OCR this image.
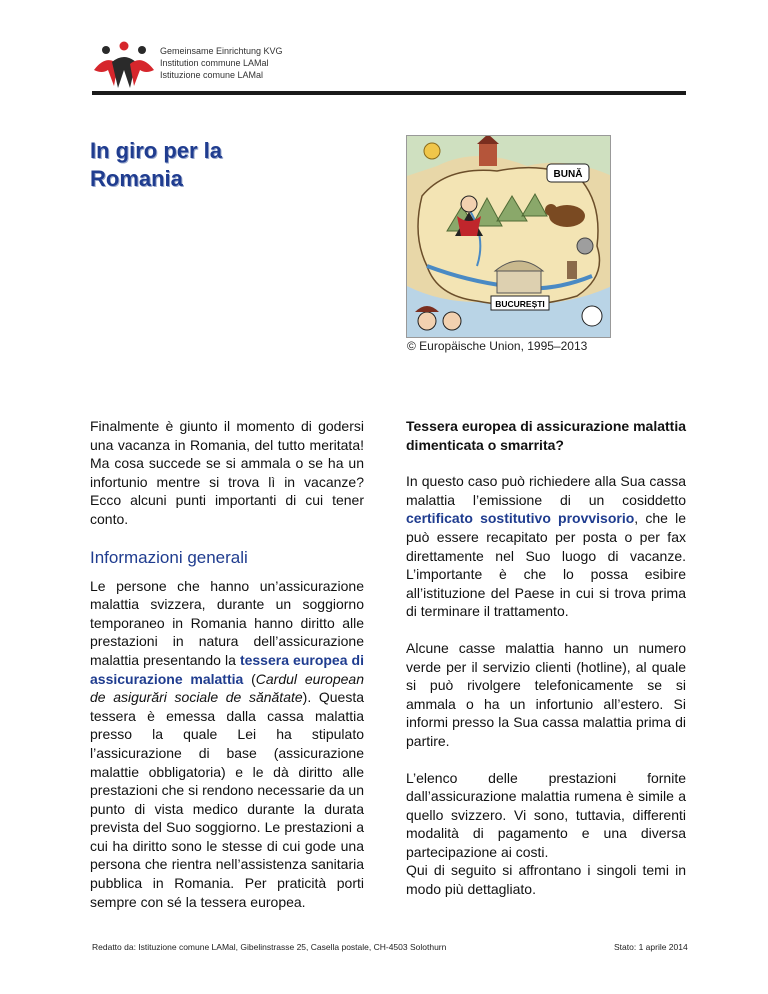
Gemeinsame Einrichtung KVG
Institution commune LAMal
Istituzione comune LAMal
In giro per la
Romania	BUNĂ
BUCUREȘTI
© Europäische Union, 1995–2013

Finalmente è giunto il momento di godersi una vacanza in Romania, del tutto meritata! Ma cosa succede se si ammala o se ha un infortunio mentre si trova lì in vacanze? Ecco alcuni punti importanti di cui tener conto.

Informazioni generali

Le persone che hanno un’assicurazione malattia svizzera, durante un soggiorno temporaneo in Romania hanno diritto alle prestazioni in natura dell’assicurazione malattia presentando la tessera europea di assicurazione malattia (Cardul european de asigurări sociale de sănătate). Questa tessera è emessa dalla cassa malattia presso la quale Lei ha stipulato l’assicurazione di base (assicurazione malattie obbligatoria) e le dà diritto alle prestazioni che si rendono necessarie da un punto di vista medico durante la durata prevista del Suo soggiorno. Le prestazioni a cui ha diritto sono le stesse di cui gode una persona che rientra nell’assistenza sanitaria pubblica in Romania. Per praticità porti sempre con sé la tessera europea.

Tessera europea di assicurazione malattia dimenticata o smarrita?

In questo caso può richiedere alla Sua cassa malattia l’emissione di un cosiddetto certificato sostitutivo provvisorio, che le può essere recapitato per posta o per fax direttamente nel Suo luogo di vacanze. L’importante è che lo possa esibire all’istituzione del Paese in cui si trova prima di terminare il trattamento.

Alcune casse malattia hanno un numero verde per il servizio clienti (hotline), al quale si può rivolgere telefonicamente se si ammala o ha un infortunio all’estero. Si informi presso la Sua cassa malattia prima di partire.

L’elenco delle prestazioni fornite dall’assicurazione malattia rumena è simile a quello svizzero. Vi sono, tuttavia, differenti modalità di pagamento e una diversa partecipazione ai costi.

Qui di seguito si affrontano i singoli temi in modo più dettagliato.

Redatto da: Istituzione comune LAMal, Gibelinstrasse 25, Casella postale, CH-4503 Solothurn	Stato: 1 aprile 2014
